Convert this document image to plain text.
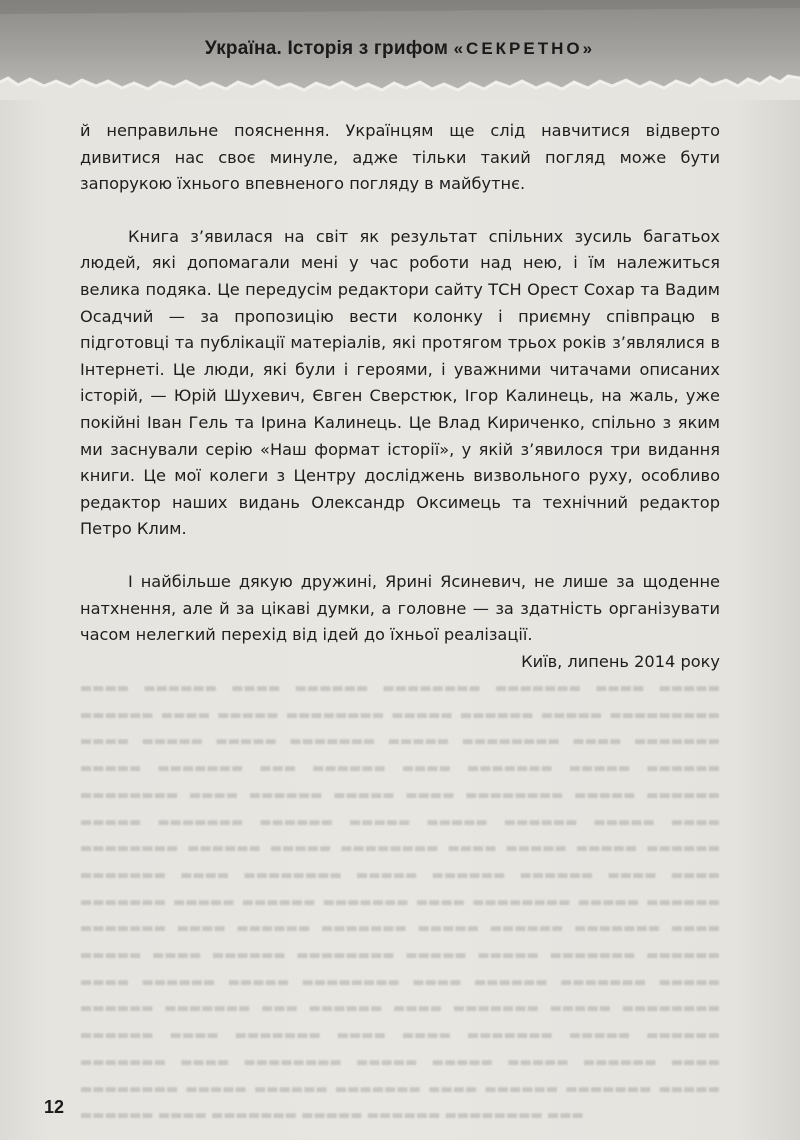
Україна. Історія з грифом «СЕКРЕТНО»
▬▬▬▬ ▬▬▬▬▬▬ ▬▬▬▬ ▬▬▬▬▬▬ ▬▬▬▬▬▬▬▬ ▬▬▬▬▬▬▬ ▬▬▬▬ ▬▬▬▬▬ ▬▬▬▬▬▬ ▬▬▬▬ ▬▬▬▬▬ ▬▬▬▬▬▬▬▬ ▬▬▬▬▬ ▬▬▬▬▬▬ ▬▬▬▬▬ ▬▬▬▬▬▬▬▬▬ ▬▬▬▬ ▬▬▬▬▬ ▬▬▬▬▬ ▬▬▬▬▬▬▬ ▬▬▬▬▬ ▬▬▬▬▬▬▬▬ ▬▬▬▬ ▬▬▬▬▬▬▬ ▬▬▬▬▬ ▬▬▬▬▬▬▬ ▬▬▬ ▬▬▬▬▬▬ ▬▬▬▬ ▬▬▬▬▬▬▬ ▬▬▬▬▬ ▬▬▬▬▬▬ ▬▬▬▬▬▬▬▬ ▬▬▬▬ ▬▬▬▬▬▬ ▬▬▬▬▬ ▬▬▬▬ ▬▬▬▬▬▬▬▬ ▬▬▬▬▬ ▬▬▬▬▬▬ ▬▬▬▬▬ ▬▬▬▬▬▬▬ ▬▬▬▬▬▬ ▬▬▬▬▬ ▬▬▬▬▬ ▬▬▬▬▬▬ ▬▬▬▬▬ ▬▬▬▬ ▬▬▬▬▬▬▬▬ ▬▬▬▬▬▬ ▬▬▬▬▬ ▬▬▬▬▬▬▬▬ ▬▬▬▬ ▬▬▬▬▬ ▬▬▬▬▬ ▬▬▬▬▬▬ ▬▬▬▬▬▬▬ ▬▬▬▬ ▬▬▬▬▬▬▬▬ ▬▬▬▬▬ ▬▬▬▬▬▬ ▬▬▬▬▬▬ ▬▬▬▬ ▬▬▬▬ ▬▬▬▬▬▬▬ ▬▬▬▬▬ ▬▬▬▬▬▬ ▬▬▬▬▬▬▬ ▬▬▬▬ ▬▬▬▬▬▬▬▬ ▬▬▬▬▬ ▬▬▬▬▬▬ ▬▬▬▬▬▬▬ ▬▬▬▬ ▬▬▬▬▬▬ ▬▬▬▬▬▬▬ ▬▬▬▬▬ ▬▬▬▬▬▬ ▬▬▬▬▬▬▬ ▬▬▬▬ ▬▬▬▬▬ ▬▬▬▬ ▬▬▬▬▬▬ ▬▬▬▬▬▬▬▬ ▬▬▬▬▬ ▬▬▬▬▬ ▬▬▬▬▬▬▬ ▬▬▬▬▬▬ ▬▬▬▬ ▬▬▬▬▬▬ ▬▬▬▬▬ ▬▬▬▬▬▬▬▬ ▬▬▬▬ ▬▬▬▬▬▬ ▬▬▬▬▬▬▬ ▬▬▬▬▬ ▬▬▬▬▬▬ ▬▬▬▬▬▬▬ ▬▬▬ ▬▬▬▬▬▬ ▬▬▬▬ ▬▬▬▬▬▬▬ ▬▬▬▬▬ ▬▬▬▬▬▬▬▬ ▬▬▬▬▬▬ ▬▬▬▬ ▬▬▬▬▬▬▬ ▬▬▬▬ ▬▬▬▬ ▬▬▬▬▬▬▬ ▬▬▬▬▬ ▬▬▬▬▬▬ ▬▬▬▬▬▬▬ ▬▬▬▬ ▬▬▬▬▬▬▬▬ ▬▬▬▬▬ ▬▬▬▬▬ ▬▬▬▬▬ ▬▬▬▬▬▬ ▬▬▬▬ ▬▬▬▬▬▬▬▬ ▬▬▬▬▬ ▬▬▬▬▬▬ ▬▬▬▬▬▬▬ ▬▬▬▬ ▬▬▬▬▬▬ ▬▬▬▬▬▬▬ ▬▬▬▬▬ ▬▬▬▬▬▬ ▬▬▬▬ ▬▬▬▬▬▬▬ ▬▬▬▬▬ ▬▬▬▬▬▬ ▬▬▬▬▬▬▬▬ ▬▬▬

й неправильне пояснення. Українцям ще слід навчитися відверто дивитися нас своє минуле, адже тільки такий погляд може бути запорукою їхнього впевненого погляду в майбутнє.

Книга з’явилася на світ як результат спільних зусиль багатьох людей, які допомагали мені у час роботи над нею, і їм належиться велика подяка. Це передусім редактори сайту ТСН Орест Сохар та Вадим Осадчий — за пропозицію вести колонку і приємну співпрацю в підготовці та публікації матеріалів, які протягом трьох років з’являлися в Інтернеті. Це люди, які були і героями, і уважними читачами описаних історій, — Юрій Шухевич, Євген Сверстюк, Ігор Калинець, на жаль, уже покійні Іван Гель та Ірина Калинець. Це Влад Кириченко, спільно з яким ми заснували серію «Наш формат історії», у якій з’явилося три видання книги. Це мої колеги з Центру досліджень визвольного руху, особливо редактор наших видань Олександр Оксимець та технічний редактор Петро Клим.

І найбільше дякую дружині, Ярині Ясиневич, не лише за щоденне натхнення, але й за цікаві думки, а головне — за здатність організувати часом нелегкий перехід від ідей до їхньої реалізації.

Київ, липень 2014 року

12
